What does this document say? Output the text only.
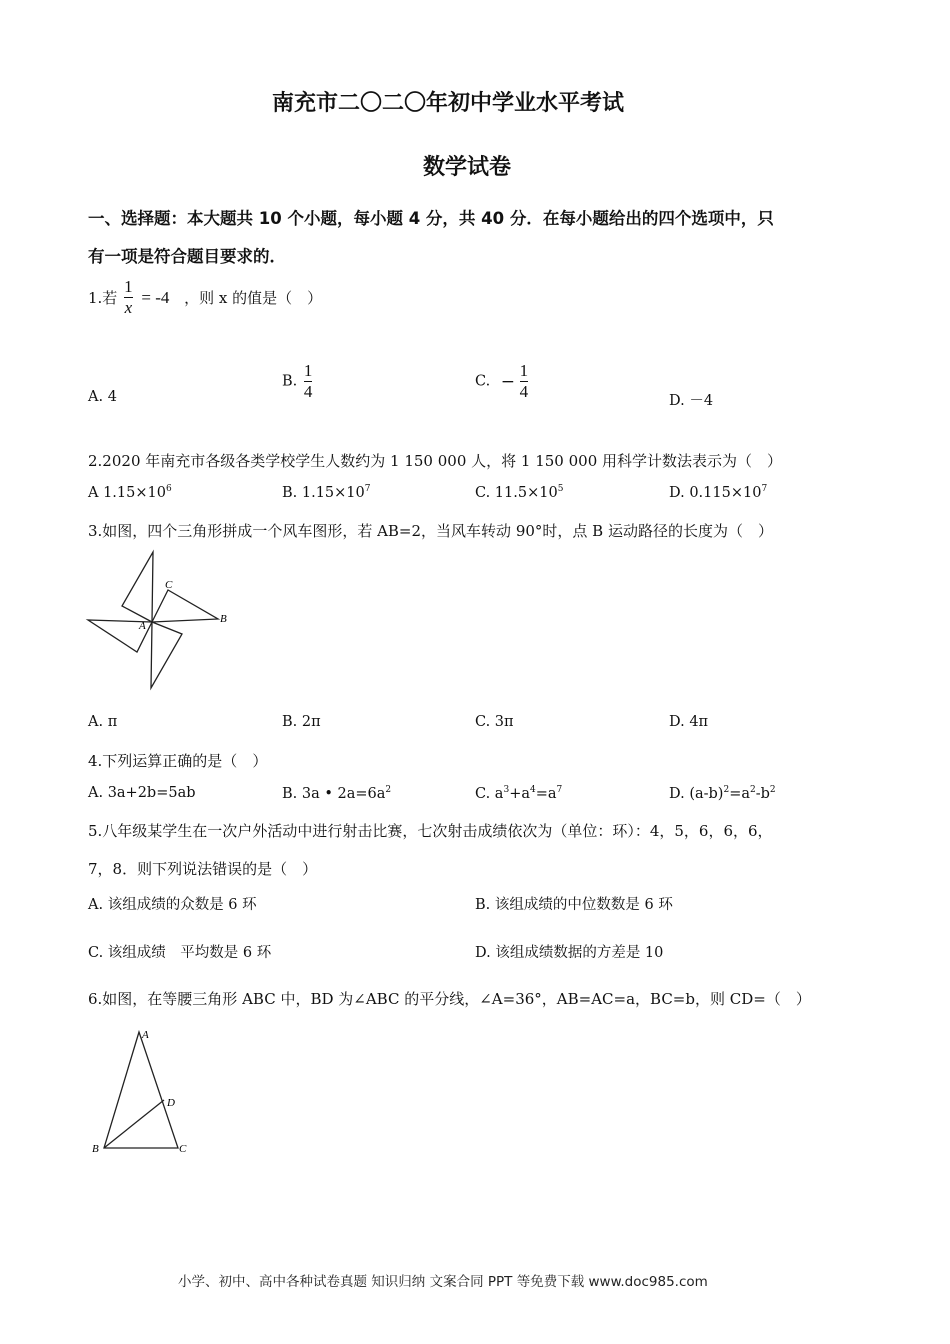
南充市二〇二〇年初中学业水平考试
数学试卷
一、选择题：本大题共 10 个小题，每小题 4 分，共 40 分．在每小题给出的四个选项中，只
有一项是符合题目要求的．
1.若 $\frac{1}{x} = -4$ ，则 x 的值是（　）
A. 4
B. $\frac{1}{4}$	C. − $\frac{1}{4}$	D. －4
2.2020 年南充市各级各类学校学生人数约为 1 150 000 人，将 1 150 000 用科学计数法表示为（　）
A $1.15\times 10^6$	B. $1.15\times 10^7$	C. $11.5\times 10^5$	D. $0.115\times 10^7$
3.如图，四个三角形拼成一个风车图形，若 AB=2，当风车转动 90°时，点 B 运动路径的长度为（　）
C
B
A
A. π	B. 2π	C. 3π	D. 4π
4.下列运算正确的是（　）
A. 3a+2b=5ab	B. 3a • $2a=6a^2$	C. $a^3+a^4=a^7$	D. $(a-b)^2=a^2-b^2$
5.八年级某学生在一次户外活动中进行射击比赛，七次射击成绩依次为（单位：环）：4，5，6，6，6，
7，8．则下列说法错误的是（　）
A. 该组成绩的众数是 6 环	B. 该组成绩的中位数数是 6 环
C. 该组成绩　平均数是 6 环	D. 该组成绩数据的方差是 10
6.如图，在等腰三角形 ABC 中，BD 为∠ABC 的平分线，∠A=36°，AB=AC=a，BC=b，则 CD=（　）
A
D
B	C
小学、初中、高中各种试卷真题 知识归纳 文案合同 PPT 等免费下载 www.doc985.com
